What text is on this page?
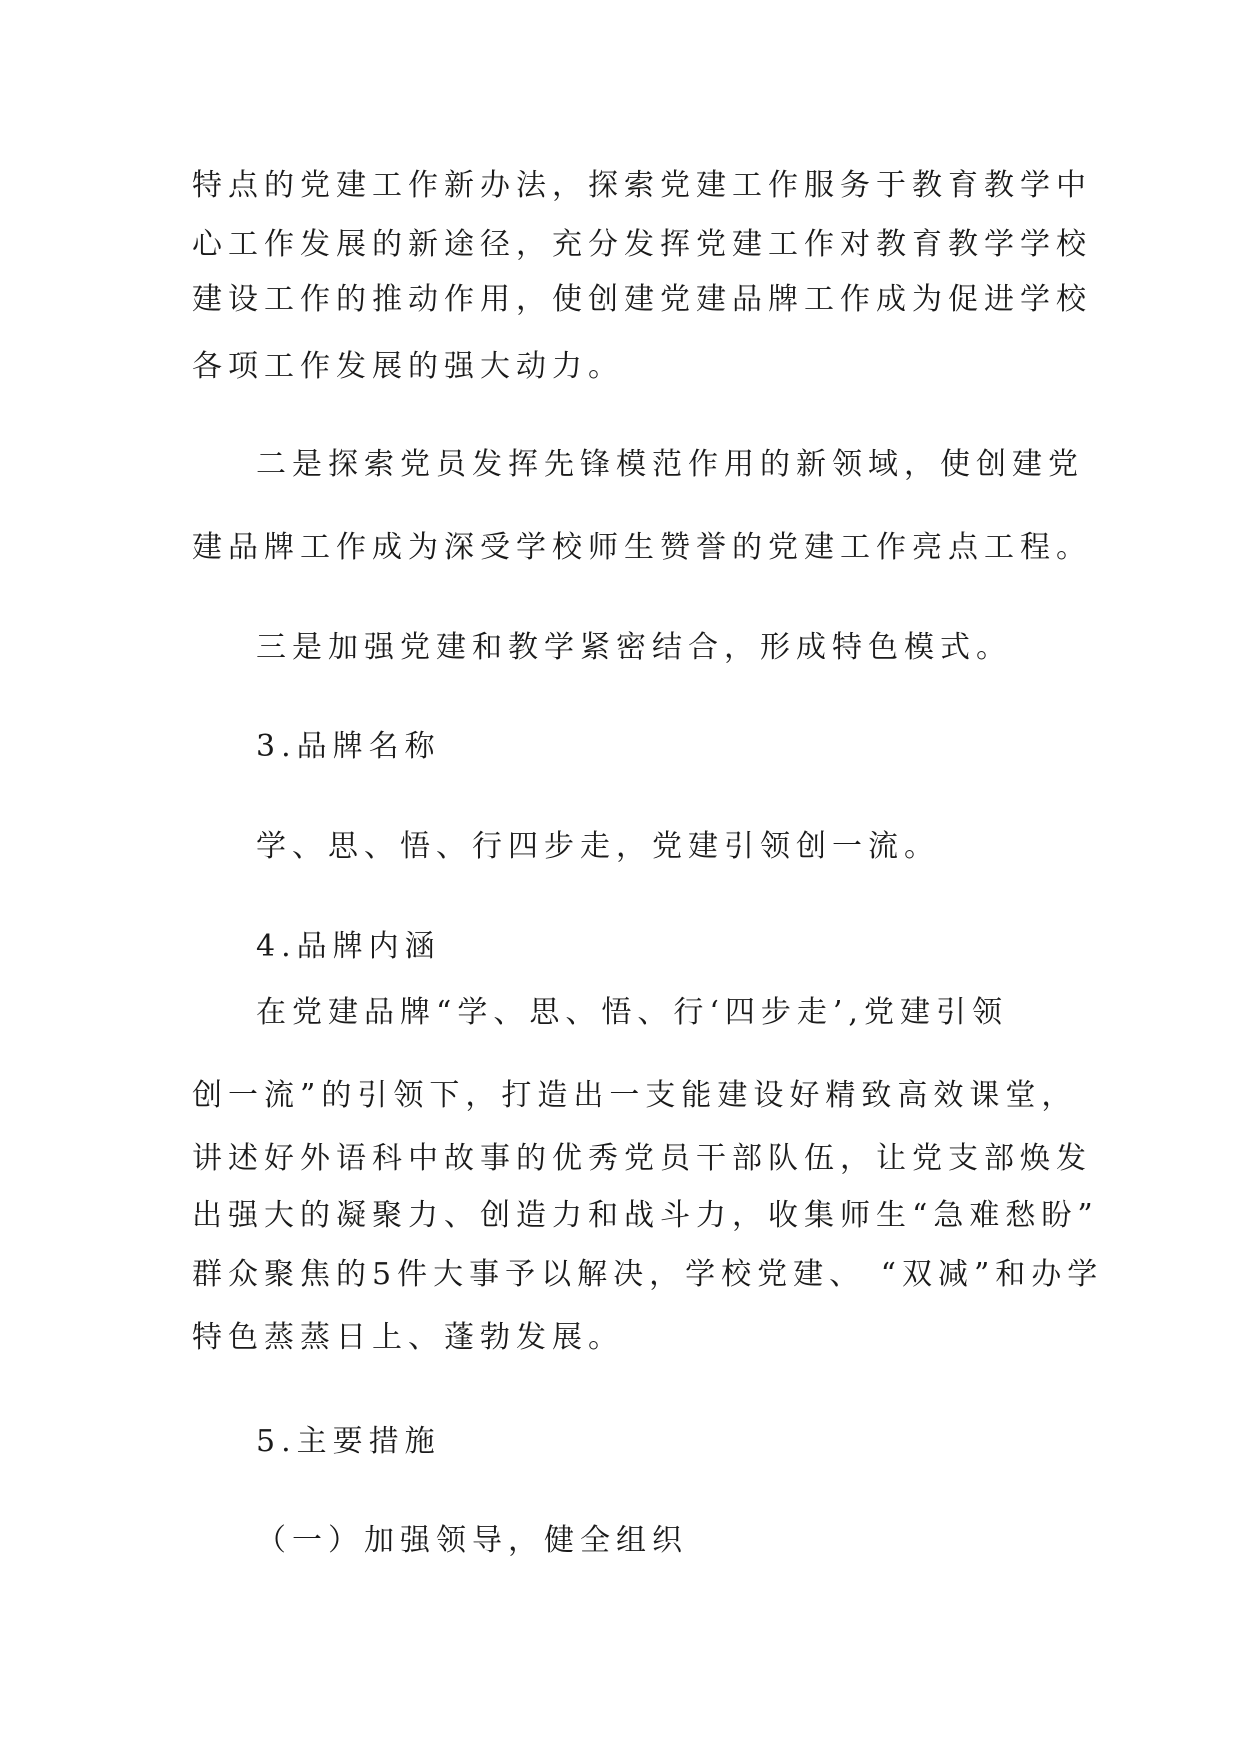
特点的党建工作新办法，探索党建工作服务于教育教学中
心工作发展的新途径，充分发挥党建工作对教育教学学校
建设工作的推动作用，使创建党建品牌工作成为促进学校
各项工作发展的强大动力。
二是探索党员发挥先锋模范作用的新领域，使创建党
建品牌工作成为深受学校师生赞誉的党建工作亮点工程。
三是加强党建和教学紧密结合，形成特色模式。
3.品牌名称
学、思、悟、行四步走，党建引领创一流。
4.品牌内涵
在党建品牌“学、思、悟、行‘四步走’,党建引领
创一流”的引领下，打造出一支能建设好精致高效课堂，
讲述好外语科中故事的优秀党员干部队伍，让党支部焕发
出强大的凝聚力、创造力和战斗力，收集师生“急难愁盼”
群众聚焦的5件大事予以解决，学校党建、 “双减”和办学
特色蒸蒸日上、蓬勃发展。
5.主要措施
（一）加强领导，健全组织
